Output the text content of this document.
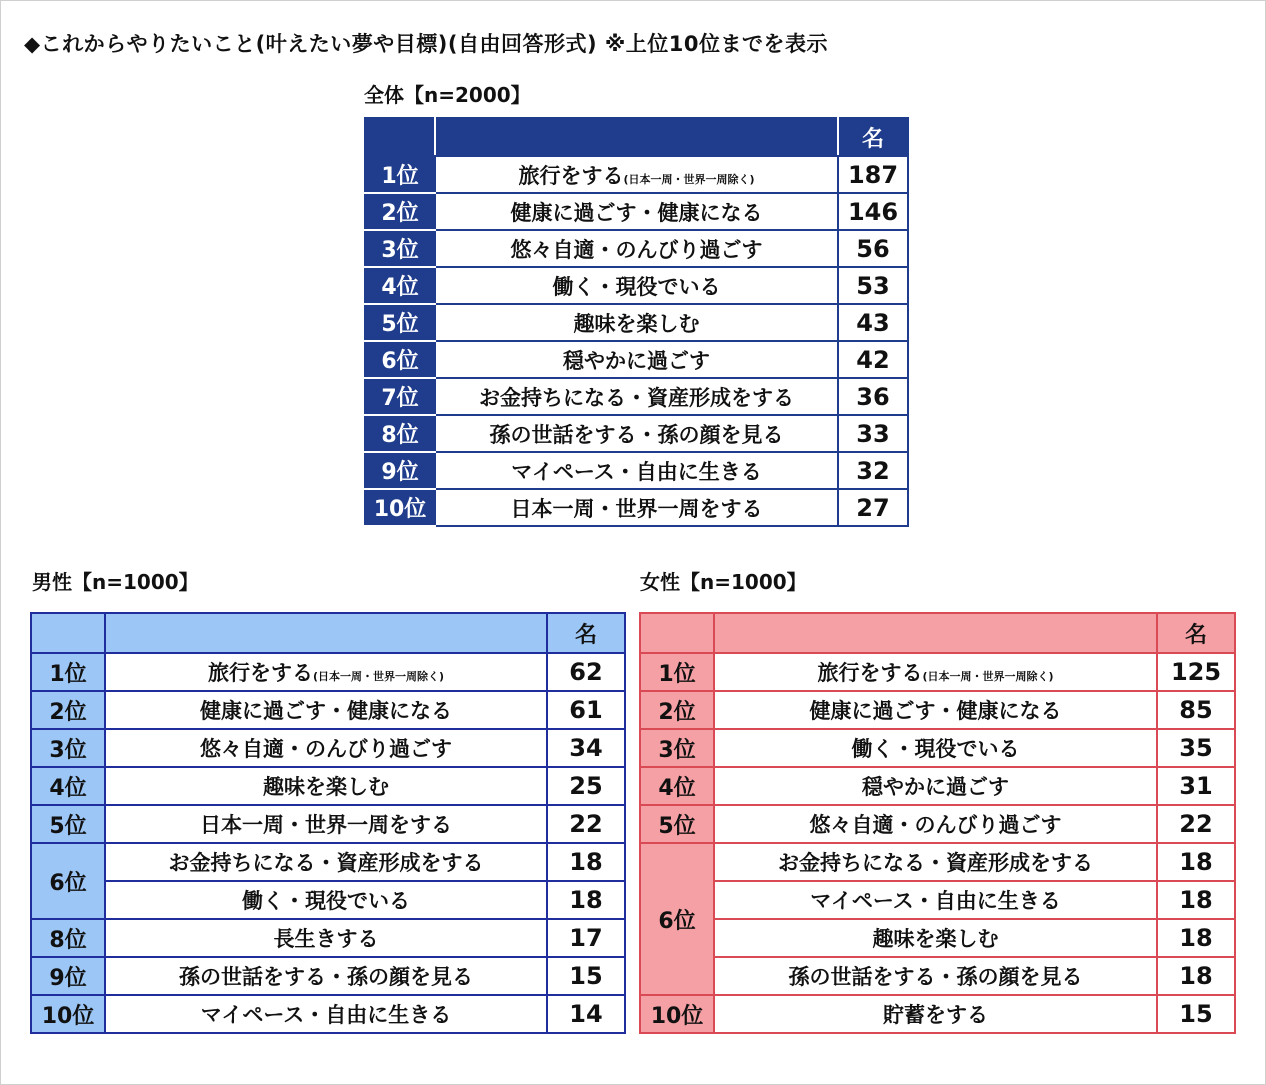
◆これからやりたいこと(叶えたい夢や目標)(自由回答形式) ※上位10位までを表示
全体【n=2000】
		名
1位	旅行をする(日本一周・世界一周除く)	187
2位	健康に過ごす・健康になる	146
3位	悠々自適・のんびり過ごす	56
4位	働く・現役でいる	53
5位	趣味を楽しむ	43
6位	穏やかに過ごす	42
7位	お金持ちになる・資産形成をする	36
8位	孫の世話をする・孫の顔を見る	33
9位	マイペース・自由に生きる	32
10位	日本一周・世界一周をする	27
男性【n=1000】
		名
1位	旅行をする(日本一周・世界一周除く)	62
2位	健康に過ごす・健康になる	61
3位	悠々自適・のんびり過ごす	34
4位	趣味を楽しむ	25
5位	日本一周・世界一周をする	22
6位	お金持ちになる・資産形成をする	18
	働く・現役でいる	18
8位	長生きする	17
9位	孫の世話をする・孫の顔を見る	15
10位	マイペース・自由に生きる	14
女性【n=1000】
		名
1位	旅行をする(日本一周・世界一周除く)	125
2位	健康に過ごす・健康になる	85
3位	働く・現役でいる	35
4位	穏やかに過ごす	31
5位	悠々自適・のんびり過ごす	22
6位	お金持ちになる・資産形成をする	18
	マイペース・自由に生きる	18
	趣味を楽しむ	18
	孫の世話をする・孫の顔を見る	18
10位	貯蓄をする	15
